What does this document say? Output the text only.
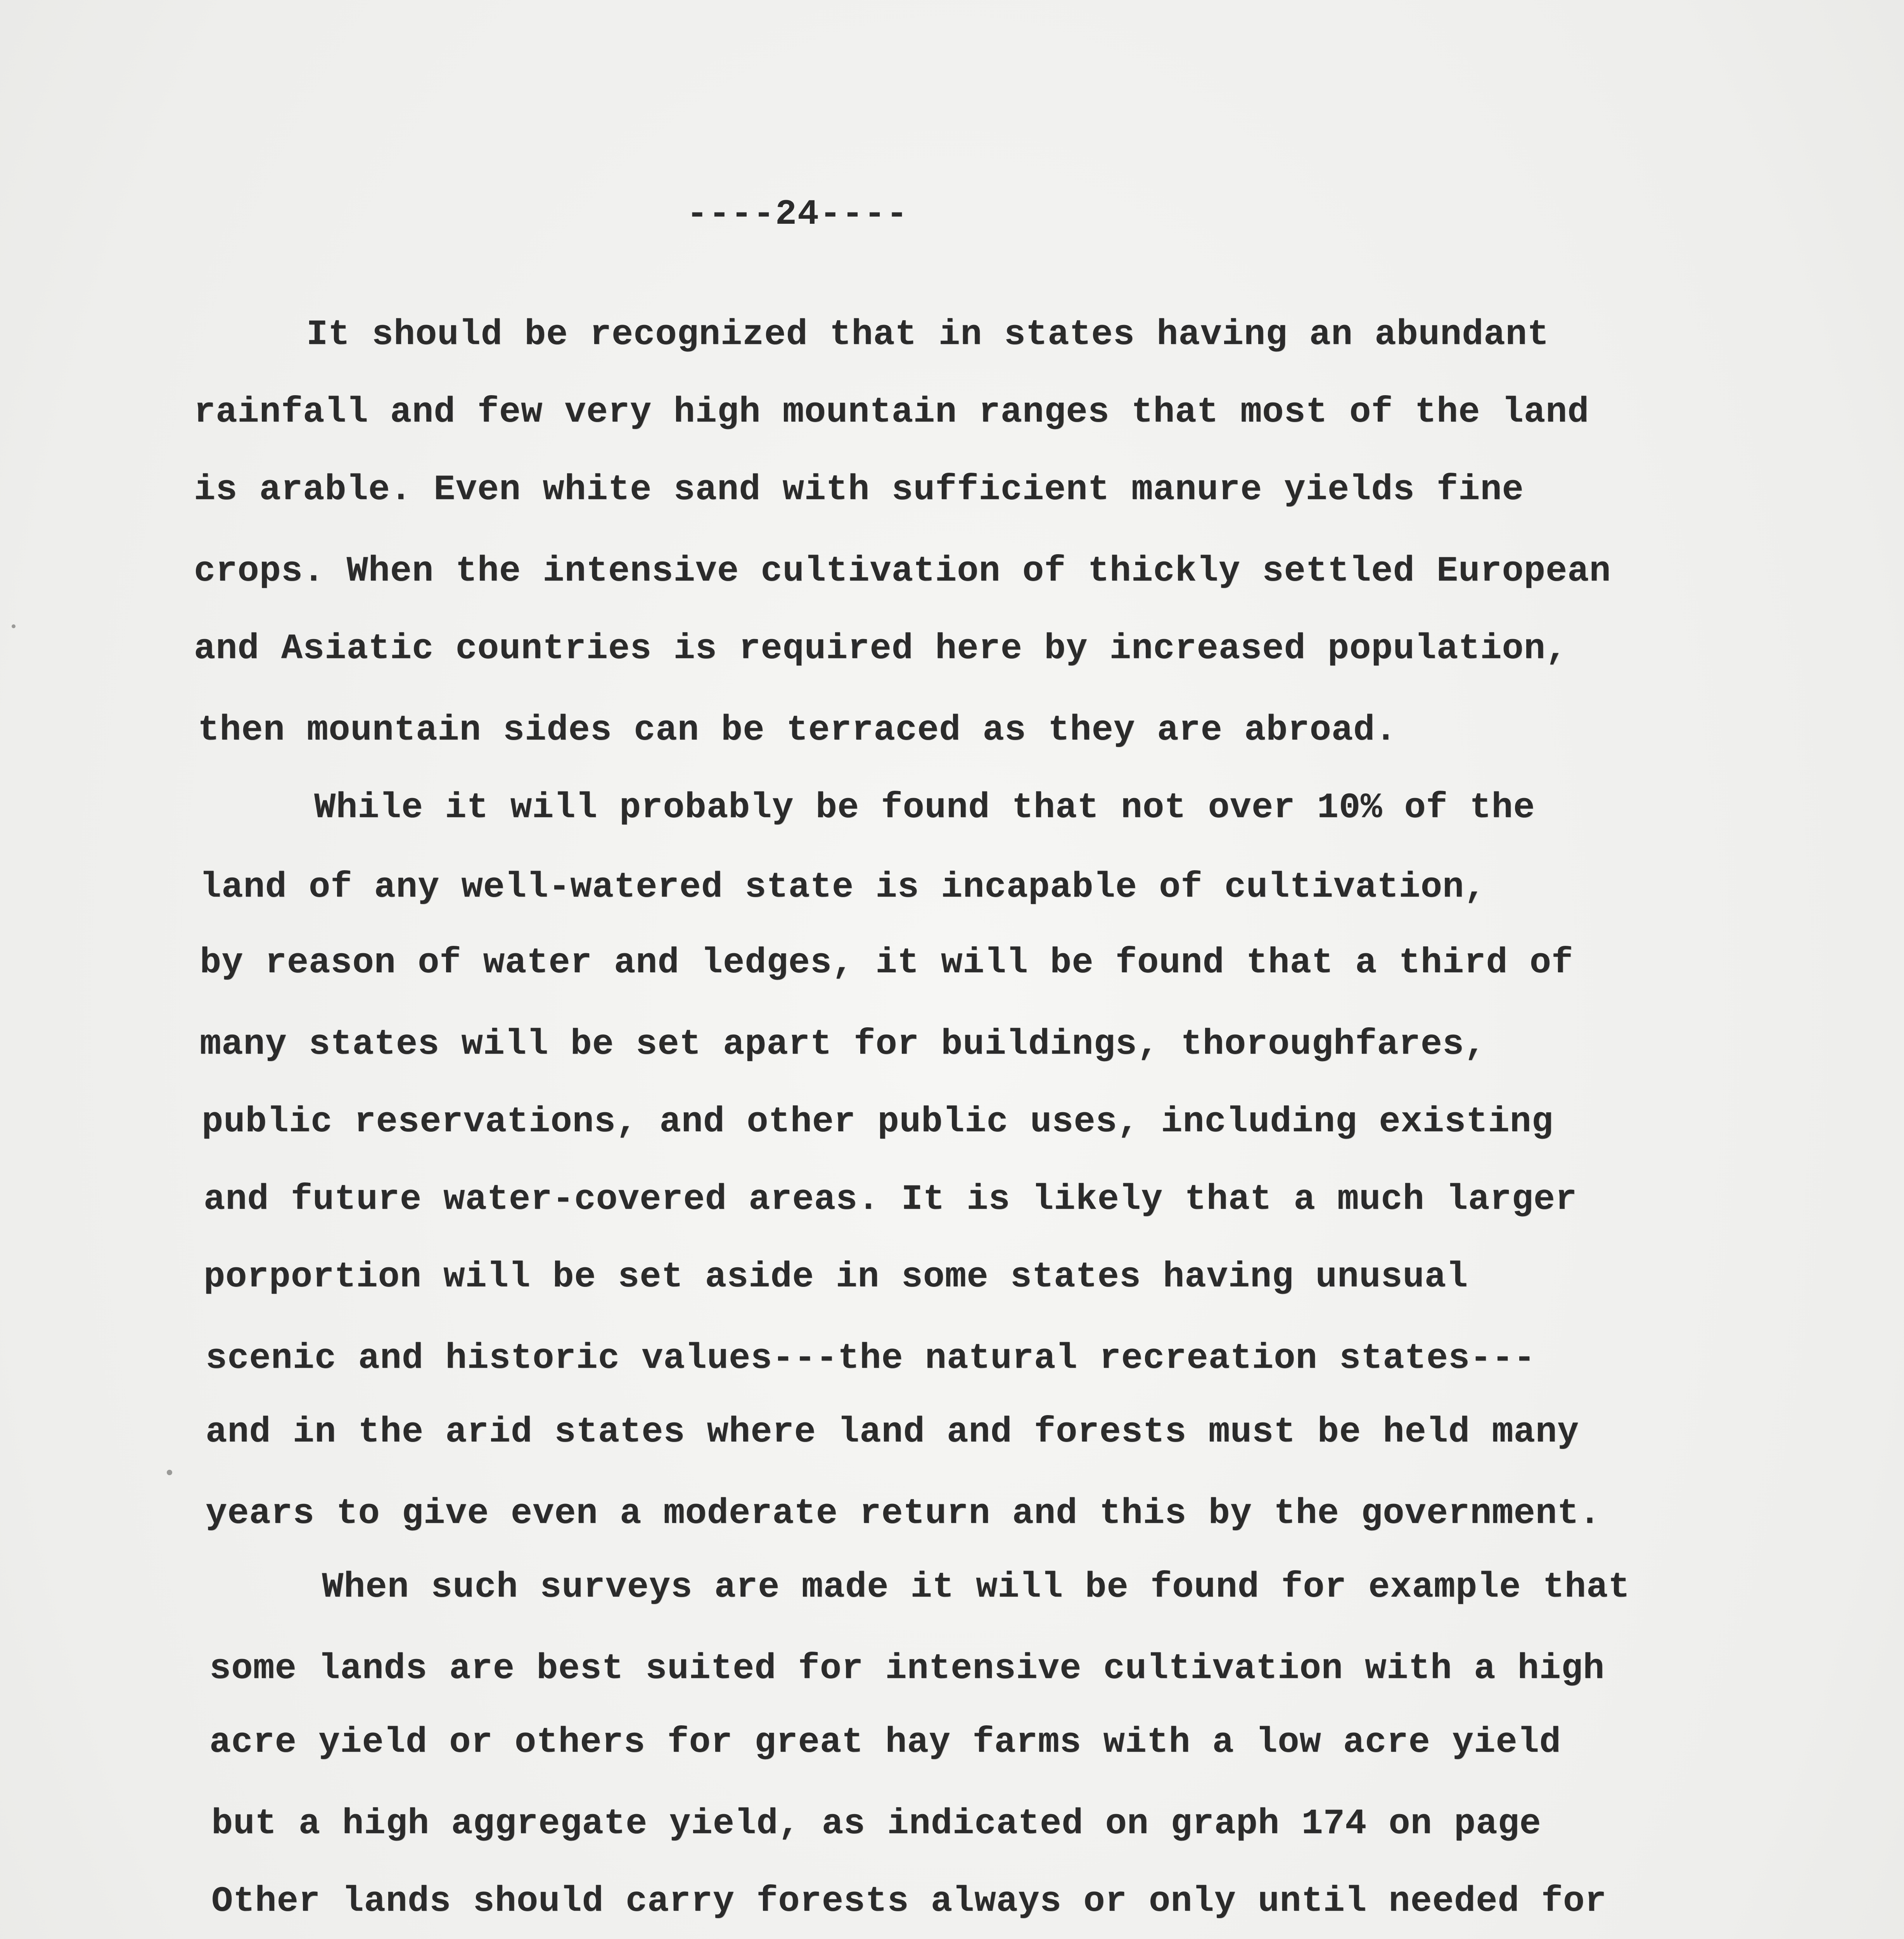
----24----
It should be recognized that in states having an abundant
rainfall and few very high mountain ranges that most of the land
is arable. Even white sand with sufficient manure yields fine
crops. When the intensive cultivation of thickly settled European
and Asiatic countries is required here by increased population,
then mountain sides can be terraced as they are abroad.
While it will probably be found that not over 10% of the
land of any well-watered state is incapable of cultivation,
by reason of water and ledges, it will be found that a third of
many states will be set apart for buildings, thoroughfares,
public reservations, and other public uses, including existing
and future water-covered areas. It is likely that a much larger
porportion will be set aside in some states having unusual
scenic and historic values---the natural recreation states---
and in the arid states where land and forests must be held many
years to give even a moderate return and this by the government.
When such surveys are made it will be found for example that
some lands are best suited for intensive cultivation with a high
acre yield or others for great hay farms with a low acre yield
but a high aggregate yield, as indicated on graph 174 on page
Other lands should carry forests always or only until needed for
